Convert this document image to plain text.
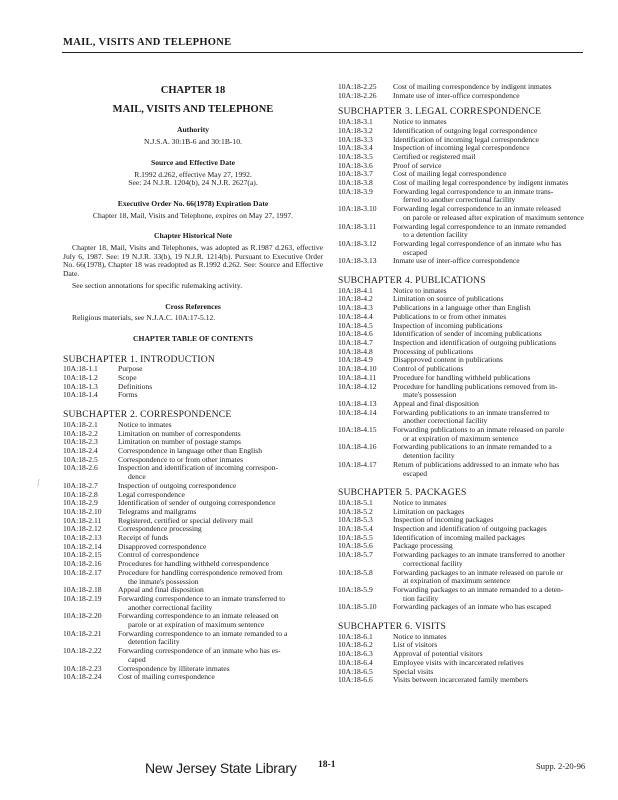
MAIL, VISITS AND TELEPHONE
⁄
CHAPTER 18
MAIL, VISITS AND TELEPHONE
Authority
N.J.S.A. 30:1B-6 and 30:1B-10.
Source and Effective Date
R.1992 d.262, effective May 27, 1992.
See: 24 N.J.R. 1204(b), 24 N.J.R. 2627(a).
Executive Order No. 66(1978) Expiration Date
Chapter 18, Mail, Visits and Telephone, expires on May 27, 1997.
Chapter Historical Note
Chapter 18, Mail, Visits and Telephones, was adopted as R.1987 d.263, effective July 6, 1987. See: 19 N.J.R. 33(b), 19 N.J.R. 1214(b). Pursuant to Executive Order No. 66(1978), Chapter 18 was readopted as R.1992 d.262. See: Source and Effective Date.
See section annotations for specific rulemaking activity.
Cross References
Religious materials, see N.J.A.C. 10A:17-5.12.
CHAPTER TABLE OF CONTENTS
SUBCHAPTER 1. INTRODUCTION
10A:18-1.1	Purpose
10A:18-1.2	Scope
10A:18-1.3	Definitions
10A:18-1.4	Forms
SUBCHAPTER 2. CORRESPONDENCE
10A:18-2.1	Notice to inmates
10A:18-2.2	Limitation on number of correspondents
10A:18-2.3	Limitation on number of postage stamps
10A:18-2.4	Correspondence in language other than English
10A:18-2.5	Correspondence to or from other inmates
10A:18-2.6	Inspection and identification of incoming correspon-
dence
10A:18-2.7	Inspection of outgoing correspondence
10A:18-2.8	Legal correspondence
10A:18-2.9	Identification of sender of outgoing correspondence
10A:18-2.10	Telegrams and mailgrams
10A:18-2.11	Registered, certified or special delivery mail
10A:18-2.12	Correspondence processing
10A:18-2.13	Receipt of funds
10A:18-2.14	Disapproved correspondence
10A:18-2.15	Control of correspondence
10A:18-2.16	Procedures for handling withheld correspondence
10A:18-2.17	Procedure for handling correspondence removed from
the inmate's possession
10A:18-2.18	Appeal and final disposition
10A:18-2.19	Forwarding correspondence to an inmate transferred to
another correctional facility
10A:18-2.20	Forwarding correspondence to an inmate released on
parole or at expiration of maximum sentence
10A:18-2.21	Forwarding correspondence to an inmate remanded to a
detention facility
10A:18-2.22	Forwarding correspondence of an inmate who has es-
caped
10A:18-2.23	Correspondence by illiterate inmates
10A:18-2.24	Cost of mailing correspondence
10A:18-2.25	Cost of mailing correspondence by indigent inmates
10A:18-2.26	Inmate use of inter-office correspondence
SUBCHAPTER 3. LEGAL CORRESPONDENCE
10A:18-3.1	Notice to inmates
10A:18-3.2	Identification of outgoing legal correspondence
10A:18-3.3	Identification of incoming legal correspondence
10A:18-3.4	Inspection of incoming legal correspondence
10A:18-3.5	Certified or registered mail
10A:18-3.6	Proof of service
10A:18-3.7	Cost of mailing legal correspondence
10A:18-3.8	Cost of mailing legal correspondence by indigent inmates
10A:18-3.9	Forwarding legal correspondence to an inmate trans-
ferred to another correctional facility
10A:18-3.10	Forwarding legal correspondence to an inmate released
on parole or released after expiration of maximum sentence
10A:18-3.11	Forwarding legal correspondence to an inmate remanded
to a detention facility
10A:18-3.12	Forwarding legal correspondence of an inmate who has
escaped
10A:18-3.13	Inmate use of inter-office correspondence
SUBCHAPTER 4. PUBLICATIONS
10A:18-4.1	Notice to inmates
10A:18-4.2	Limitation on source of publications
10A:18-4.3	Publications in a language other than English
10A:18-4.4	Publications to or from other inmates
10A:18-4.5	Inspection of incoming publications
10A:18-4.6	Identification of sender of incoming publications
10A:18-4.7	Inspection and identification of outgoing publications
10A:18-4.8	Processing of publications
10A:18-4.9	Disapproved content in publications
10A:18-4.10	Control of publications
10A:18-4.11	Procedure for handling withheld publications
10A:18-4.12	Procedure for handling publications removed from in-
mate's possession
10A:18-4.13	Appeal and final disposition
10A:18-4.14	Forwarding publications to an inmate transferred to
another correctional facility
10A:18-4.15	Forwarding publications to an inmate released on parole
or at expiration of maximum sentence
10A:18-4.16	Forwarding publications to an inmate remanded to a
detention facility
10A:18-4.17	Return of publications addressed to an inmate who has
escaped
SUBCHAPTER 5. PACKAGES
10A:18-5.1	Notice to inmates
10A:18-5.2	Limitation on packages
10A:18-5.3	Inspection of incoming packages
10A:18-5.4	Inspection and identification of outgoing packages
10A:18-5.5	Identification of incoming mailed packages
10A:18-5.6	Package processing
10A:18-5.7	Forwarding packages to an inmate transferred to another
correctional facility
10A:18-5.8	Forwarding packages to an inmate released on parole or
at expiration of maximum sentence
10A:18-5.9	Forwarding packages to an inmate remanded to a deten-
tion facility
10A:18-5.10	Forwarding packages of an inmate who has escaped
SUBCHAPTER 6. VISITS
10A:18-6.1	Notice to inmates
10A:18-6.2	List of visitors
10A:18-6.3	Approval of potential visitors
10A:18-6.4	Employee visits with incarcerated relatives
10A:18-6.5	Special visits
10A:18-6.6	Visits between incarcerated family members
New Jersey State Library 18-1	Supp. 2-20-96
